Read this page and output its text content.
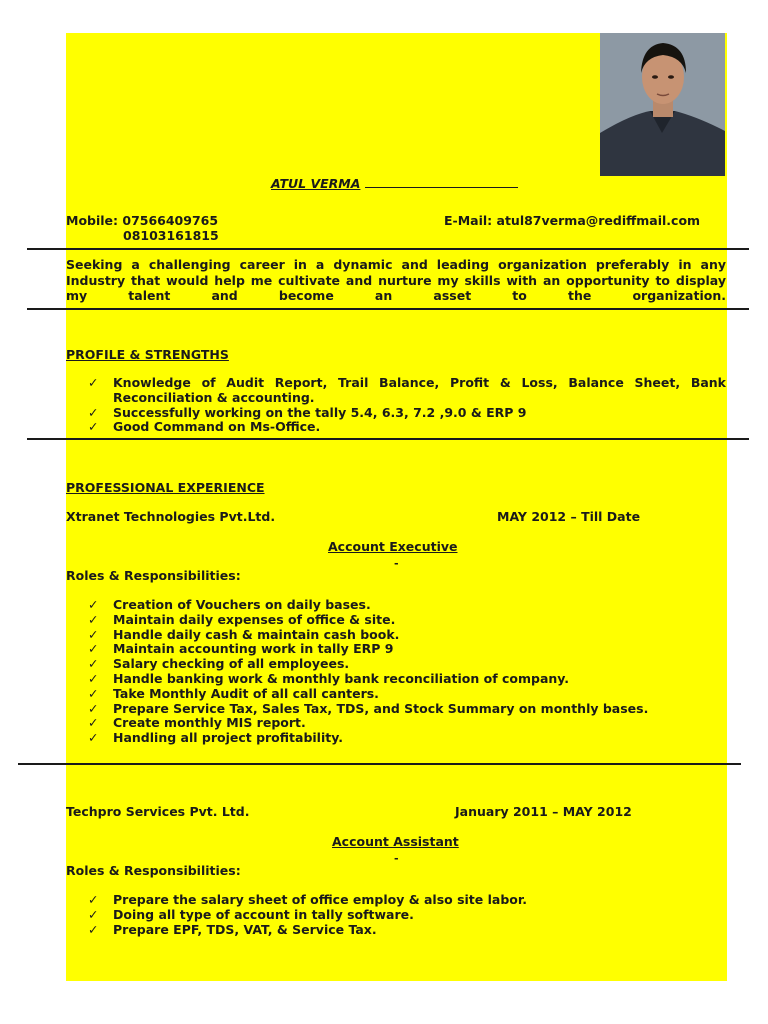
ATUL VERMA
Mobile: 07566409765
08103161815
E-Mail: atul87verma@rediffmail.com
Seeking a challenging career in a dynamic and leading organization preferably in any Industry that would help me cultivate and nurture my skills with an opportunity to display my talent and become an asset to the organization.
PROFILE & STRENGTHS
✓ Knowledge of Audit Report, Trail Balance, Profit & Loss, Balance Sheet, Bank Reconciliation & accounting.
✓ Successfully working on the tally 5.4, 6.3, 7.2 ,9.0 & ERP 9
✓ Good Command on Ms-Office.
PROFESSIONAL EXPERIENCE
Xtranet Technologies Pvt.Ltd.	MAY 2012 – Till Date
Account Executive
-
Roles & Responsibilities:
✓ Creation of Vouchers on daily bases.
✓ Maintain daily expenses of office & site.
✓ Handle daily cash & maintain cash book.
✓ Maintain accounting work in tally ERP 9
✓ Salary checking of all employees.
✓ Handle banking work & monthly bank reconciliation of company.
✓ Take Monthly Audit of all call canters.
✓ Prepare Service Tax, Sales Tax, TDS, and Stock Summary on monthly bases.
✓ Create monthly MIS report.
✓ Handling all project profitability.
Techpro Services Pvt. Ltd.	January 2011 – MAY 2012
Account Assistant
-
Roles & Responsibilities:
✓ Prepare the salary sheet of office employ & also site labor.
✓ Doing all type of account in tally software.
✓ Prepare EPF, TDS, VAT, & Service Tax.
